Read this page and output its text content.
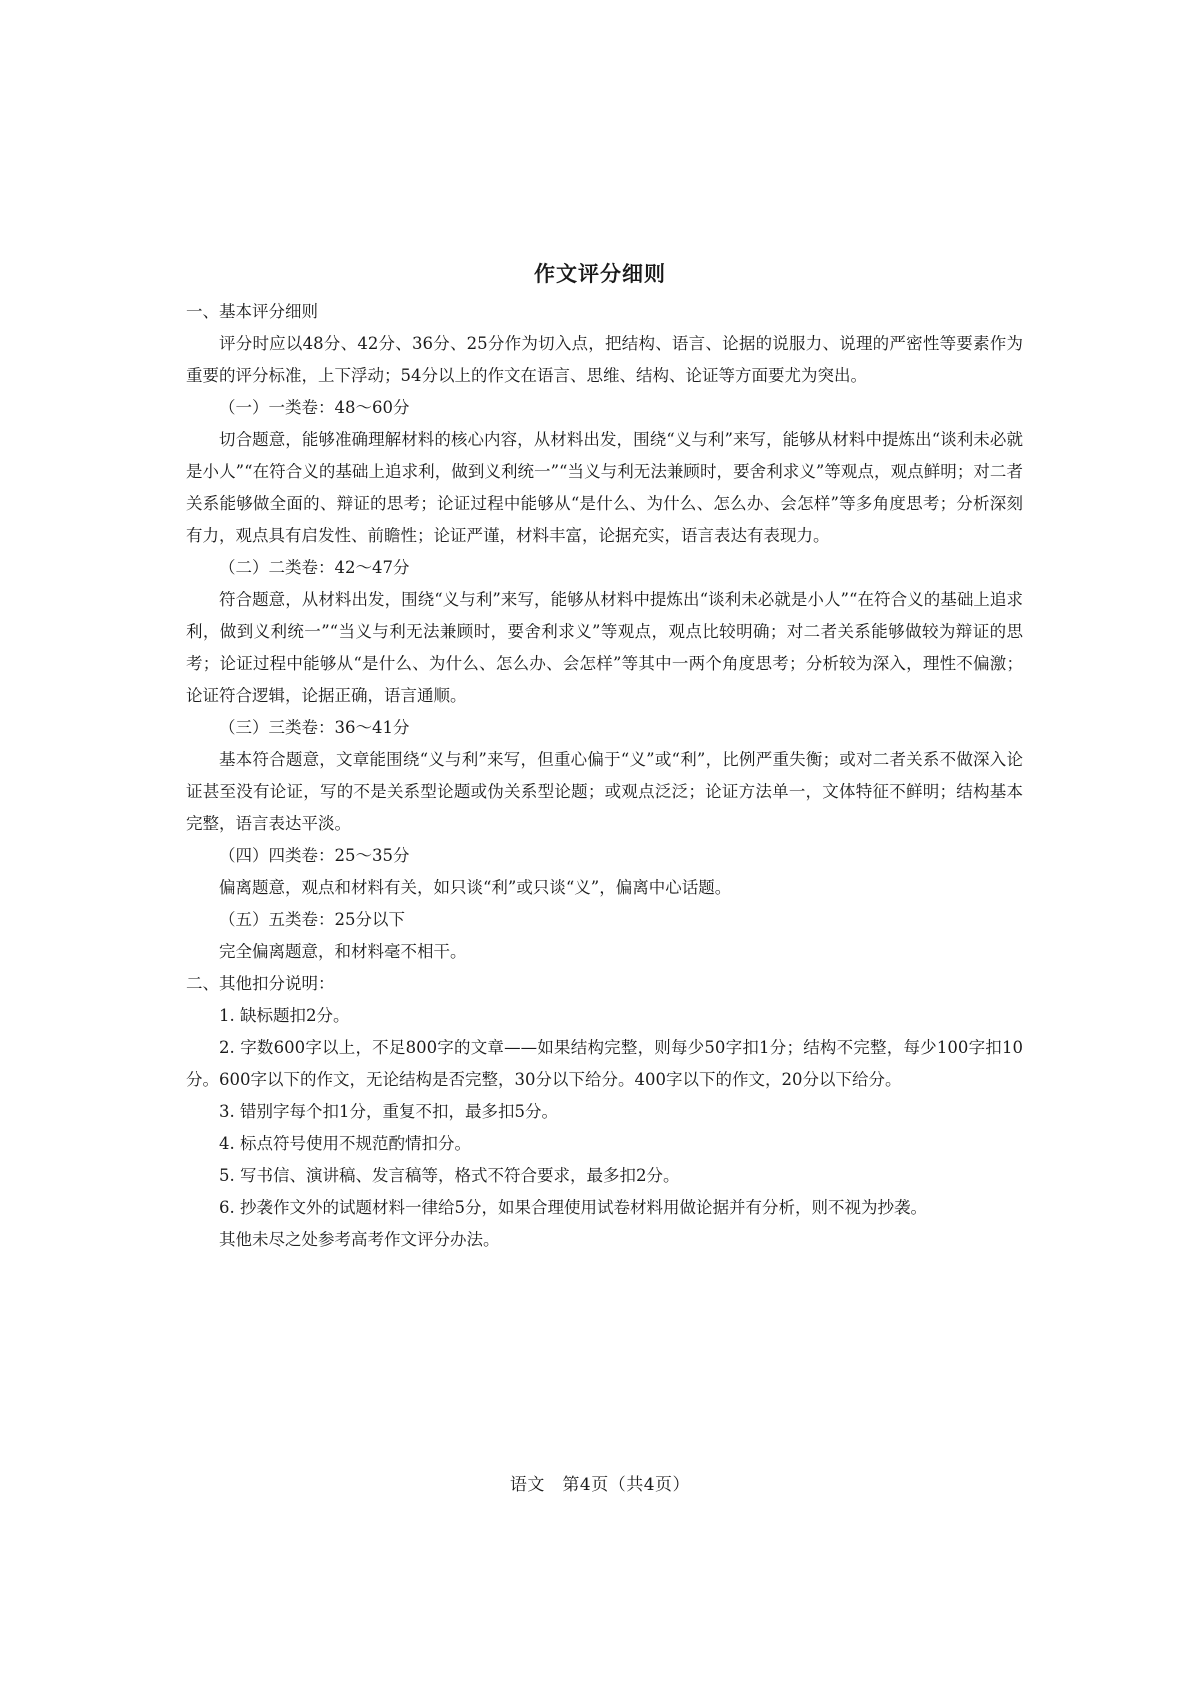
作文评分细则

一、基本评分细则

评分时应以48分、42分、36分、25分作为切入点，把结构、语言、论据的说服力、说理的严密性等要素作为重要的评分标准，上下浮动；54分以上的作文在语言、思维、结构、论证等方面要尤为突出。

（一）一类卷：48～60分

切合题意，能够准确理解材料的核心内容，从材料出发，围绕“义与利”来写，能够从材料中提炼出“谈利未必就是小人”“在符合义的基础上追求利，做到义利统一”“当义与利无法兼顾时，要舍利求义”等观点，观点鲜明；对二者关系能够做全面的、辩证的思考；论证过程中能够从“是什么、为什么、怎么办、会怎样”等多角度思考；分析深刻有力，观点具有启发性、前瞻性；论证严谨，材料丰富，论据充实，语言表达有表现力。

（二）二类卷：42～47分

符合题意，从材料出发，围绕“义与利”来写，能够从材料中提炼出“谈利未必就是小人”“在符合义的基础上追求利，做到义利统一”“当义与利无法兼顾时，要舍利求义”等观点，观点比较明确；对二者关系能够做较为辩证的思考；论证过程中能够从“是什么、为什么、怎么办、会怎样”等其中一两个角度思考；分析较为深入，理性不偏激；论证符合逻辑，论据正确，语言通顺。

（三）三类卷：36～41分

基本符合题意，文章能围绕“义与利”来写，但重心偏于“义”或“利”，比例严重失衡；或对二者关系不做深入论证甚至没有论证，写的不是关系型论题或伪关系型论题；或观点泛泛；论证方法单一，文体特征不鲜明；结构基本完整，语言表达平淡。

（四）四类卷：25～35分

偏离题意，观点和材料有关，如只谈“利”或只谈“义”，偏离中心话题。

（五）五类卷：25分以下

完全偏离题意，和材料毫不相干。

二、其他扣分说明：

1. 缺标题扣2分。

2. 字数600字以上，不足800字的文章——如果结构完整，则每少50字扣1分；结构不完整，每少100字扣10分。600字以下的作文，无论结构是否完整，30分以下给分。400字以下的作文，20分以下给分。

3. 错别字每个扣1分，重复不扣，最多扣5分。

4. 标点符号使用不规范酌情扣分。

5. 写书信、演讲稿、发言稿等，格式不符合要求，最多扣2分。

6. 抄袭作文外的试题材料一律给5分，如果合理使用试卷材料用做论据并有分析，则不视为抄袭。

其他未尽之处参考高考作文评分办法。

语文　第4页（共4页）
